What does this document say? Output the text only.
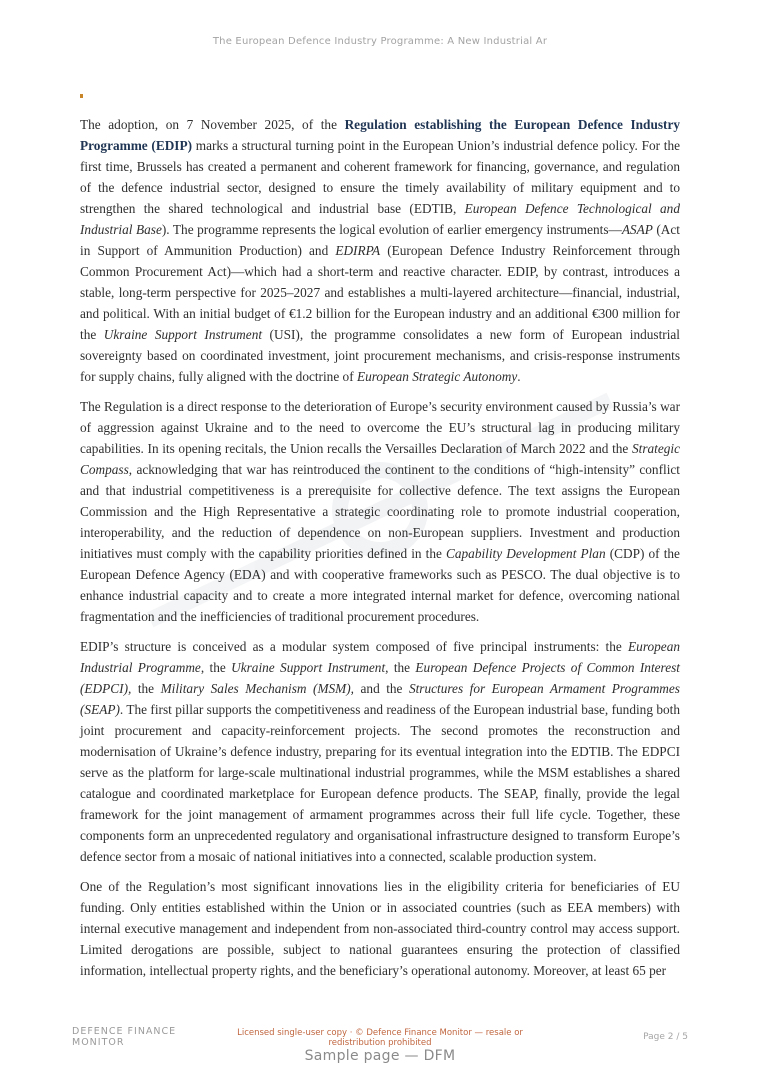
The European Defence Industry Programme: A New Industrial Ar

The adoption, on 7 November 2025, of the Regulation establishing the European Defence Industry Programme (EDIP) marks a structural turning point in the European Union’s industrial defence policy. For the first time, Brussels has created a permanent and coherent framework for financing, governance, and regulation of the defence industrial sector, designed to ensure the timely availability of military equipment and to strengthen the shared technological and industrial base (EDTIB, European Defence Technological and Industrial Base). The programme represents the logical evolution of earlier emergency instruments—ASAP (Act in Support of Ammunition Production) and EDIRPA (European Defence Industry Reinforcement through Common Procurement Act)—which had a short-term and reactive character. EDIP, by contrast, introduces a stable, long-term perspective for 2025–2027 and establishes a multi-layered architecture—financial, industrial, and political. With an initial budget of €1.2 billion for the European industry and an additional €300 million for the Ukraine Support Instrument (USI), the programme consolidates a new form of European industrial sovereignty based on coordinated investment, joint procurement mechanisms, and crisis-response instruments for supply chains, fully aligned with the doctrine of European Strategic Autonomy.

The Regulation is a direct response to the deterioration of Europe’s security environment caused by Russia’s war of aggression against Ukraine and to the need to overcome the EU’s structural lag in producing military capabilities. In its opening recitals, the Union recalls the Versailles Declaration of March 2022 and the Strategic Compass, acknowledging that war has reintroduced the continent to the conditions of “high-intensity” conflict and that industrial competitiveness is a prerequisite for collective defence. The text assigns the European Commission and the High Representative a strategic coordinating role to promote industrial cooperation, interoperability, and the reduction of dependence on non-European suppliers. Investment and production initiatives must comply with the capability priorities defined in the Capability Development Plan (CDP) of the European Defence Agency (EDA) and with cooperative frameworks such as PESCO. The dual objective is to enhance industrial capacity and to create a more integrated internal market for defence, overcoming national fragmentation and the inefficiencies of traditional procurement procedures.

EDIP’s structure is conceived as a modular system composed of five principal instruments: the European Industrial Programme, the Ukraine Support Instrument, the European Defence Projects of Common Interest (EDPCI), the Military Sales Mechanism (MSM), and the Structures for European Armament Programmes (SEAP). The first pillar supports the competitiveness and readiness of the European industrial base, funding both joint procurement and capacity-reinforcement projects. The second promotes the reconstruction and modernisation of Ukraine’s defence industry, preparing for its eventual integration into the EDTIB. The EDPCI serve as the platform for large-scale multinational industrial programmes, while the MSM establishes a shared catalogue and coordinated marketplace for European defence products. The SEAP, finally, provide the legal framework for the joint management of armament programmes across their full life cycle. Together, these components form an unprecedented regulatory and organisational infrastructure designed to transform Europe’s defence sector from a mosaic of national initiatives into a connected, scalable production system.

One of the Regulation’s most significant innovations lies in the eligibility criteria for beneficiaries of EU funding. Only entities established within the Union or in associated countries (such as EEA members) with internal executive management and independent from non-associated third-country control may access support. Limited derogations are possible, subject to national guarantees ensuring the protection of classified information, intellectual property rights, and the beneficiary’s operational autonomy. Moreover, at least 65 per

DEFENCE FINANCE
MONITOR
Licensed single-user copy · © Defence Finance Monitor — resale or redistribution prohibited
Page 2 / 5
Sample page — DFM
